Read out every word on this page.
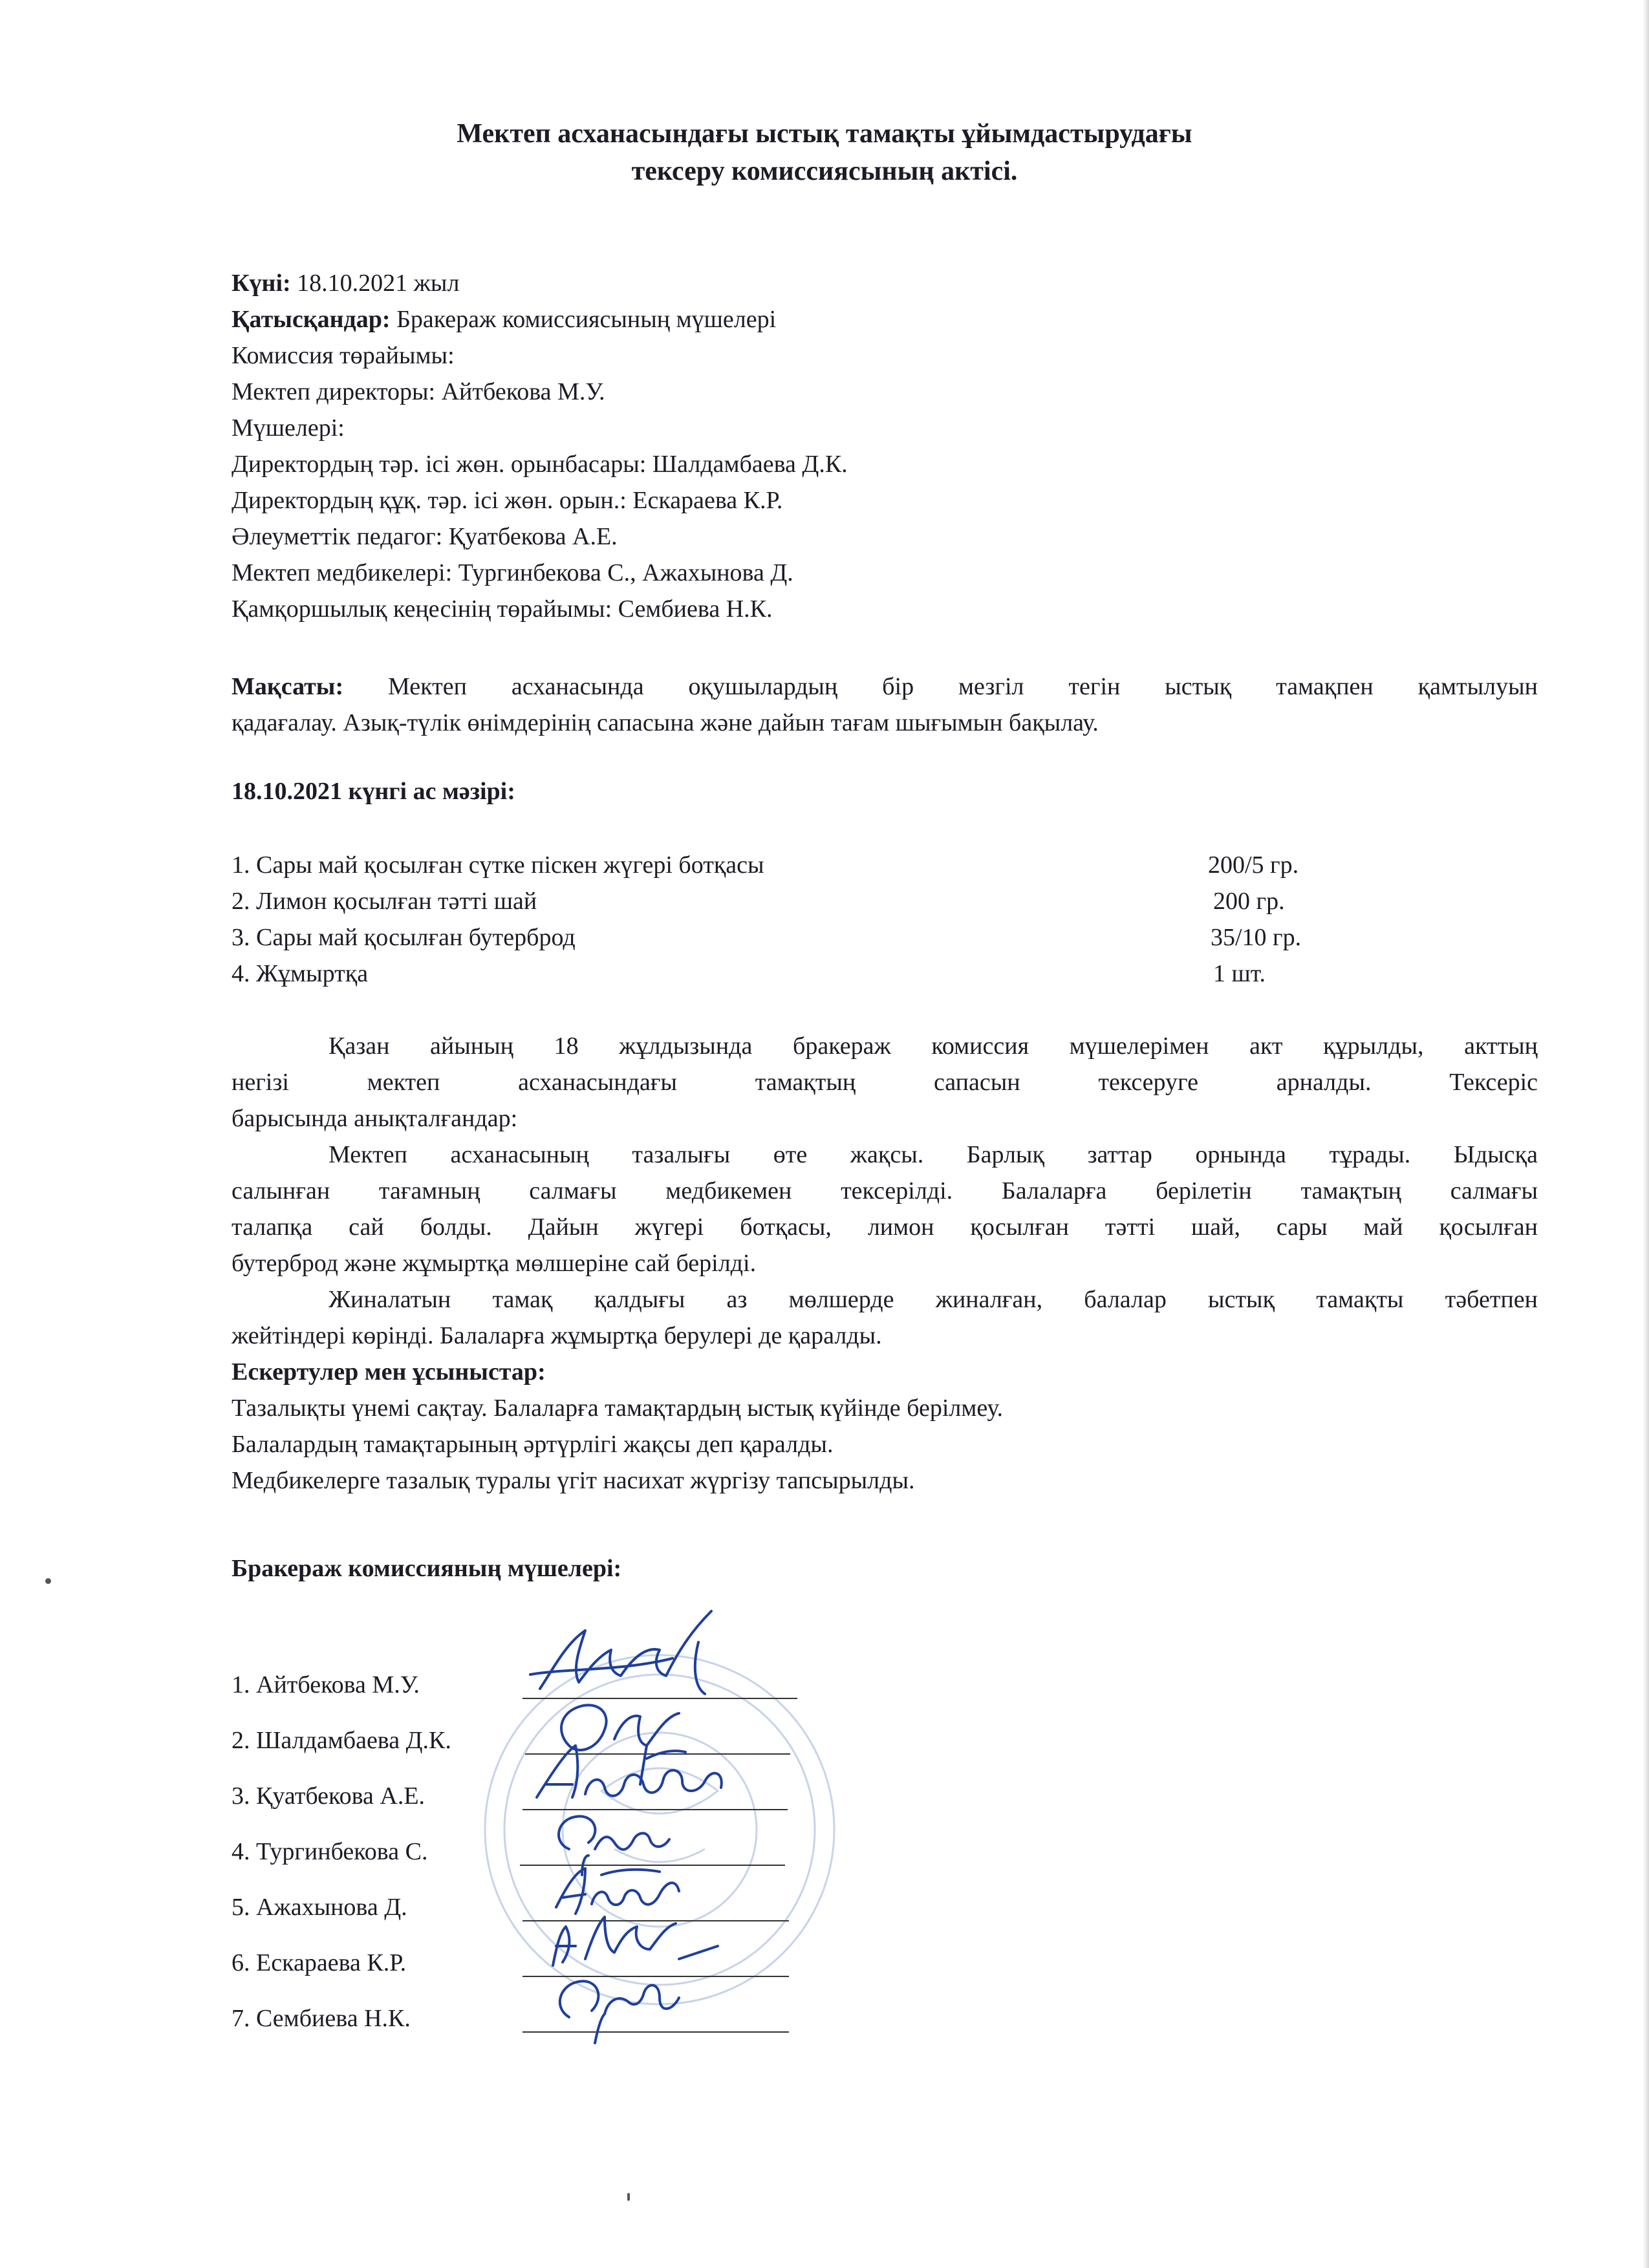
Мектеп асханасындағы ыстық тамақты ұйымдастырудағы
тексеру комиссиясының актісі.
Күні: 18.10.2021 жыл
Қатысқандар: Бракераж комиссиясының мүшелері
Комиссия төрайымы:
Мектеп директоры: Айтбекова М.У.
Мүшелері:
Директордың тәр. ісі жөн. орынбасары: Шалдамбаева Д.К.
Директордың құқ. тәр. ісі жөн. орын.: Ескараева К.Р.
Әлеуметтік педагог: Қуатбекова А.Е.
Мектеп медбикелері: Тургинбекова С., Ажахынова Д.
Қамқоршылық кеңесінің төрайымы: Сембиева Н.К.
Мақсаты: Мектеп асханасында оқушылардың бір мезгіл тегін ыстық тамақпен қамтылуын
қадағалау. Азық-түлік өнімдерінің сапасына және дайын тағам шығымын бақылау.
18.10.2021 күнгі ас мәзірі:
1. Сары май қосылған сүтке піскен жүгері ботқасы	200/5 гр.
2. Лимон қосылған тәтті шай	200 гр.
3. Сары май қосылған бутерброд	35/10 гр.
4. Жұмыртқа	1 шт.
Қазан айының 18 жұлдызында бракераж комиссия мүшелерімен акт құрылды, акттың
негізі мектеп асханасындағы тамақтың сапасын тексеруге арналды. Тексеріс
барысында анықталғандар:
Мектеп асханасының тазалығы өте жақсы. Барлық заттар орнында тұрады. Ыдысқа
салынған тағамның салмағы медбикемен тексерілді. Балаларға берілетін тамақтың салмағы
талапқа сай болды. Дайын жүгері ботқасы, лимон қосылған тәтті шай, сары май қосылған
бутерброд және жұмыртқа мөлшеріне сай берілді.
Жиналатын тамақ қалдығы аз мөлшерде жиналған, балалар ыстық тамақты тәбетпен
жейтіндері көрінді. Балаларға жұмыртқа берулері де қаралды.
Ескертулер мен ұсыныстар:
Тазалықты үнемі сақтау. Балаларға тамақтардың ыстық күйінде берілмеу.
Балалардың тамақтарының әртүрлігі жақсы деп қаралды.
Медбикелерге тазалық туралы үгіт насихат жүргізу тапсырылды.
Бракераж комиссияның мүшелері:
1. Айтбекова М.У.
2. Шалдамбаева Д.К.
3. Қуатбекова А.Е.
4. Тургинбекова С.
5. Ажахынова Д.
6. Ескараева К.Р.
7. Сембиева Н.К.
